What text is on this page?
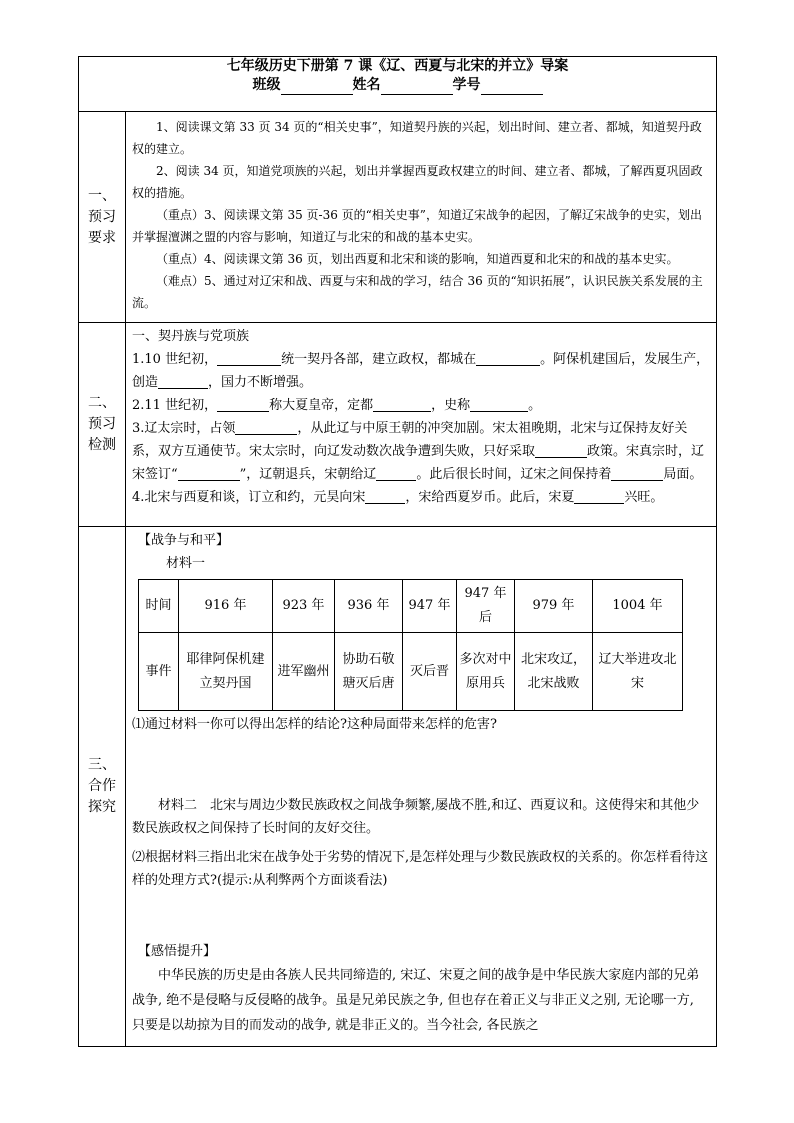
七年级历史下册第 7 课《辽、西夏与北宋的并立》导案
班级	姓名	学号

一、
预习
要求

1、阅读课文第 33 页 34 页的“相关史事”，知道契丹族的兴起，划出时间、建立者、都城，知道契丹政权的建立。

2、阅读 34 页，知道党项族的兴起，划出并掌握西夏政权建立的时间、建立者、都城，了解西夏巩固政权的措施。

（重点）3、阅读课文第 35 页-36 页的“相关史事”，知道辽宋战争的起因，了解辽宋战争的史实，划出并掌握澶渊之盟的内容与影响，知道辽与北宋的和战的基本史实。

（重点）4、阅读课文第 36 页，划出西夏和北宋和谈的影响，知道西夏和北宋的和战的基本史实。

（难点）5、通过对辽宋和战、西夏与宋和战的学习，结合 36 页的“知识拓展”，认识民族关系发展的主流。

二、
预习
检测

一、契丹族与党项族

1.10 世纪初，	统一契丹各部，建立政权，都城在	。阿保机建国后，发展生产，创造	，国力不断增强。

2.11 世纪初，	称大夏皇帝，定都	，史称	。

3.辽太宗时，占领	，从此辽与中原王朝的冲突加剧。宋太祖晚期，北宋与辽保持友好关系，双方互通使节。宋太宗时，向辽发动数次战争遭到失败，只好采取	政策。宋真宗时，辽宋签订“	”，辽朝退兵，宋朝给辽	。此后很长时间，辽宋之间保持着	局面。

4.北宋与西夏和谈，订立和约，元昊向宋	，宋给西夏岁币。此后，宋夏	兴旺。

三、
合作
探究

【战争与和平】

材料一

时间	916 年	923 年	936 年	947 年	947 年后	979 年	1004 年
事件	耶律阿保机建立契丹国	进军幽州	协助石敬瑭灭后唐	灭后晋	多次对中原用兵	北宋攻辽，北宋战败	辽大举进攻北宋

⑴通过材料一你可以得出怎样的结论?这种局面带来怎样的危害?

材料二　北宋与周边少数民族政权之间战争频繁,屡战不胜,和辽、西夏议和。这使得宋和其他少数民族政权之间保持了长时间的友好交往。

⑵根据材料三指出北宋在战争处于劣势的情况下,是怎样处理与少数民族政权的关系的。你怎样看待这样的处理方式?(提示:从利弊两个方面谈看法)

【感悟提升】

中华民族的历史是由各族人民共同缔造的, 宋辽、宋夏之间的战争是中华民族大家庭内部的兄弟战争, 绝不是侵略与反侵略的战争。虽是兄弟民族之争, 但也存在着正义与非正义之别, 无论哪一方, 只要是以劫掠为目的而发动的战争, 就是非正义的。当今社会, 各民族之
